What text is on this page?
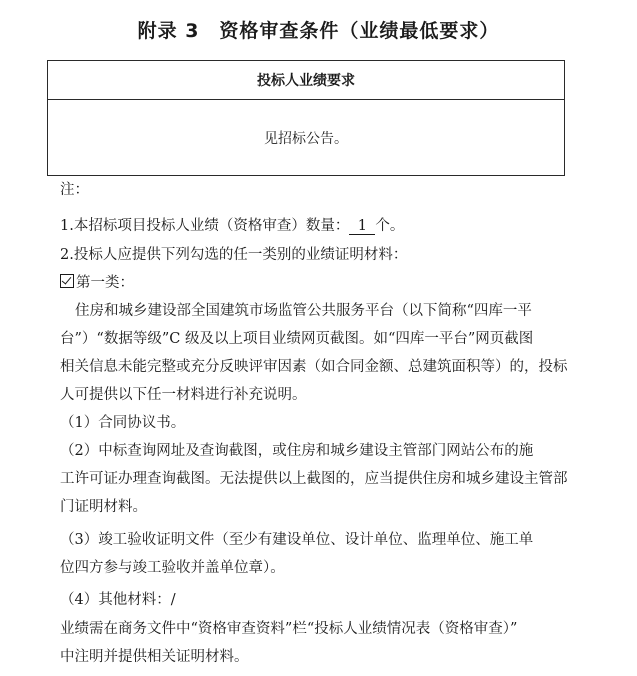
附录 3　资格审查条件（业绩最低要求）
投标人业绩要求
见招标公告。
注：
1.本招标项目投标人业绩（资格审查）数量： 1 个。
2.投标人应提供下列勾选的任一类别的业绩证明材料：
第一类：
住房和城乡建设部全国建筑市场监管公共服务平台（以下简称“四库一平
台”）“数据等级”C 级及以上项目业绩网页截图。如“四库一平台”网页截图
相关信息未能完整或充分反映评审因素（如合同金额、总建筑面积等）的，投标
人可提供以下任一材料进行补充说明。
（1）合同协议书。
（2）中标查询网址及查询截图，或住房和城乡建设主管部门网站公布的施
工许可证办理查询截图。无法提供以上截图的，应当提供住房和城乡建设主管部
门证明材料。
（3）竣工验收证明文件（至少有建设单位、设计单位、监理单位、施工单
位四方参与竣工验收并盖单位章）。
（4）其他材料：/
业绩需在商务文件中“资格审查资料”栏“投标人业绩情况表（资格审查）”
中注明并提供相关证明材料。
